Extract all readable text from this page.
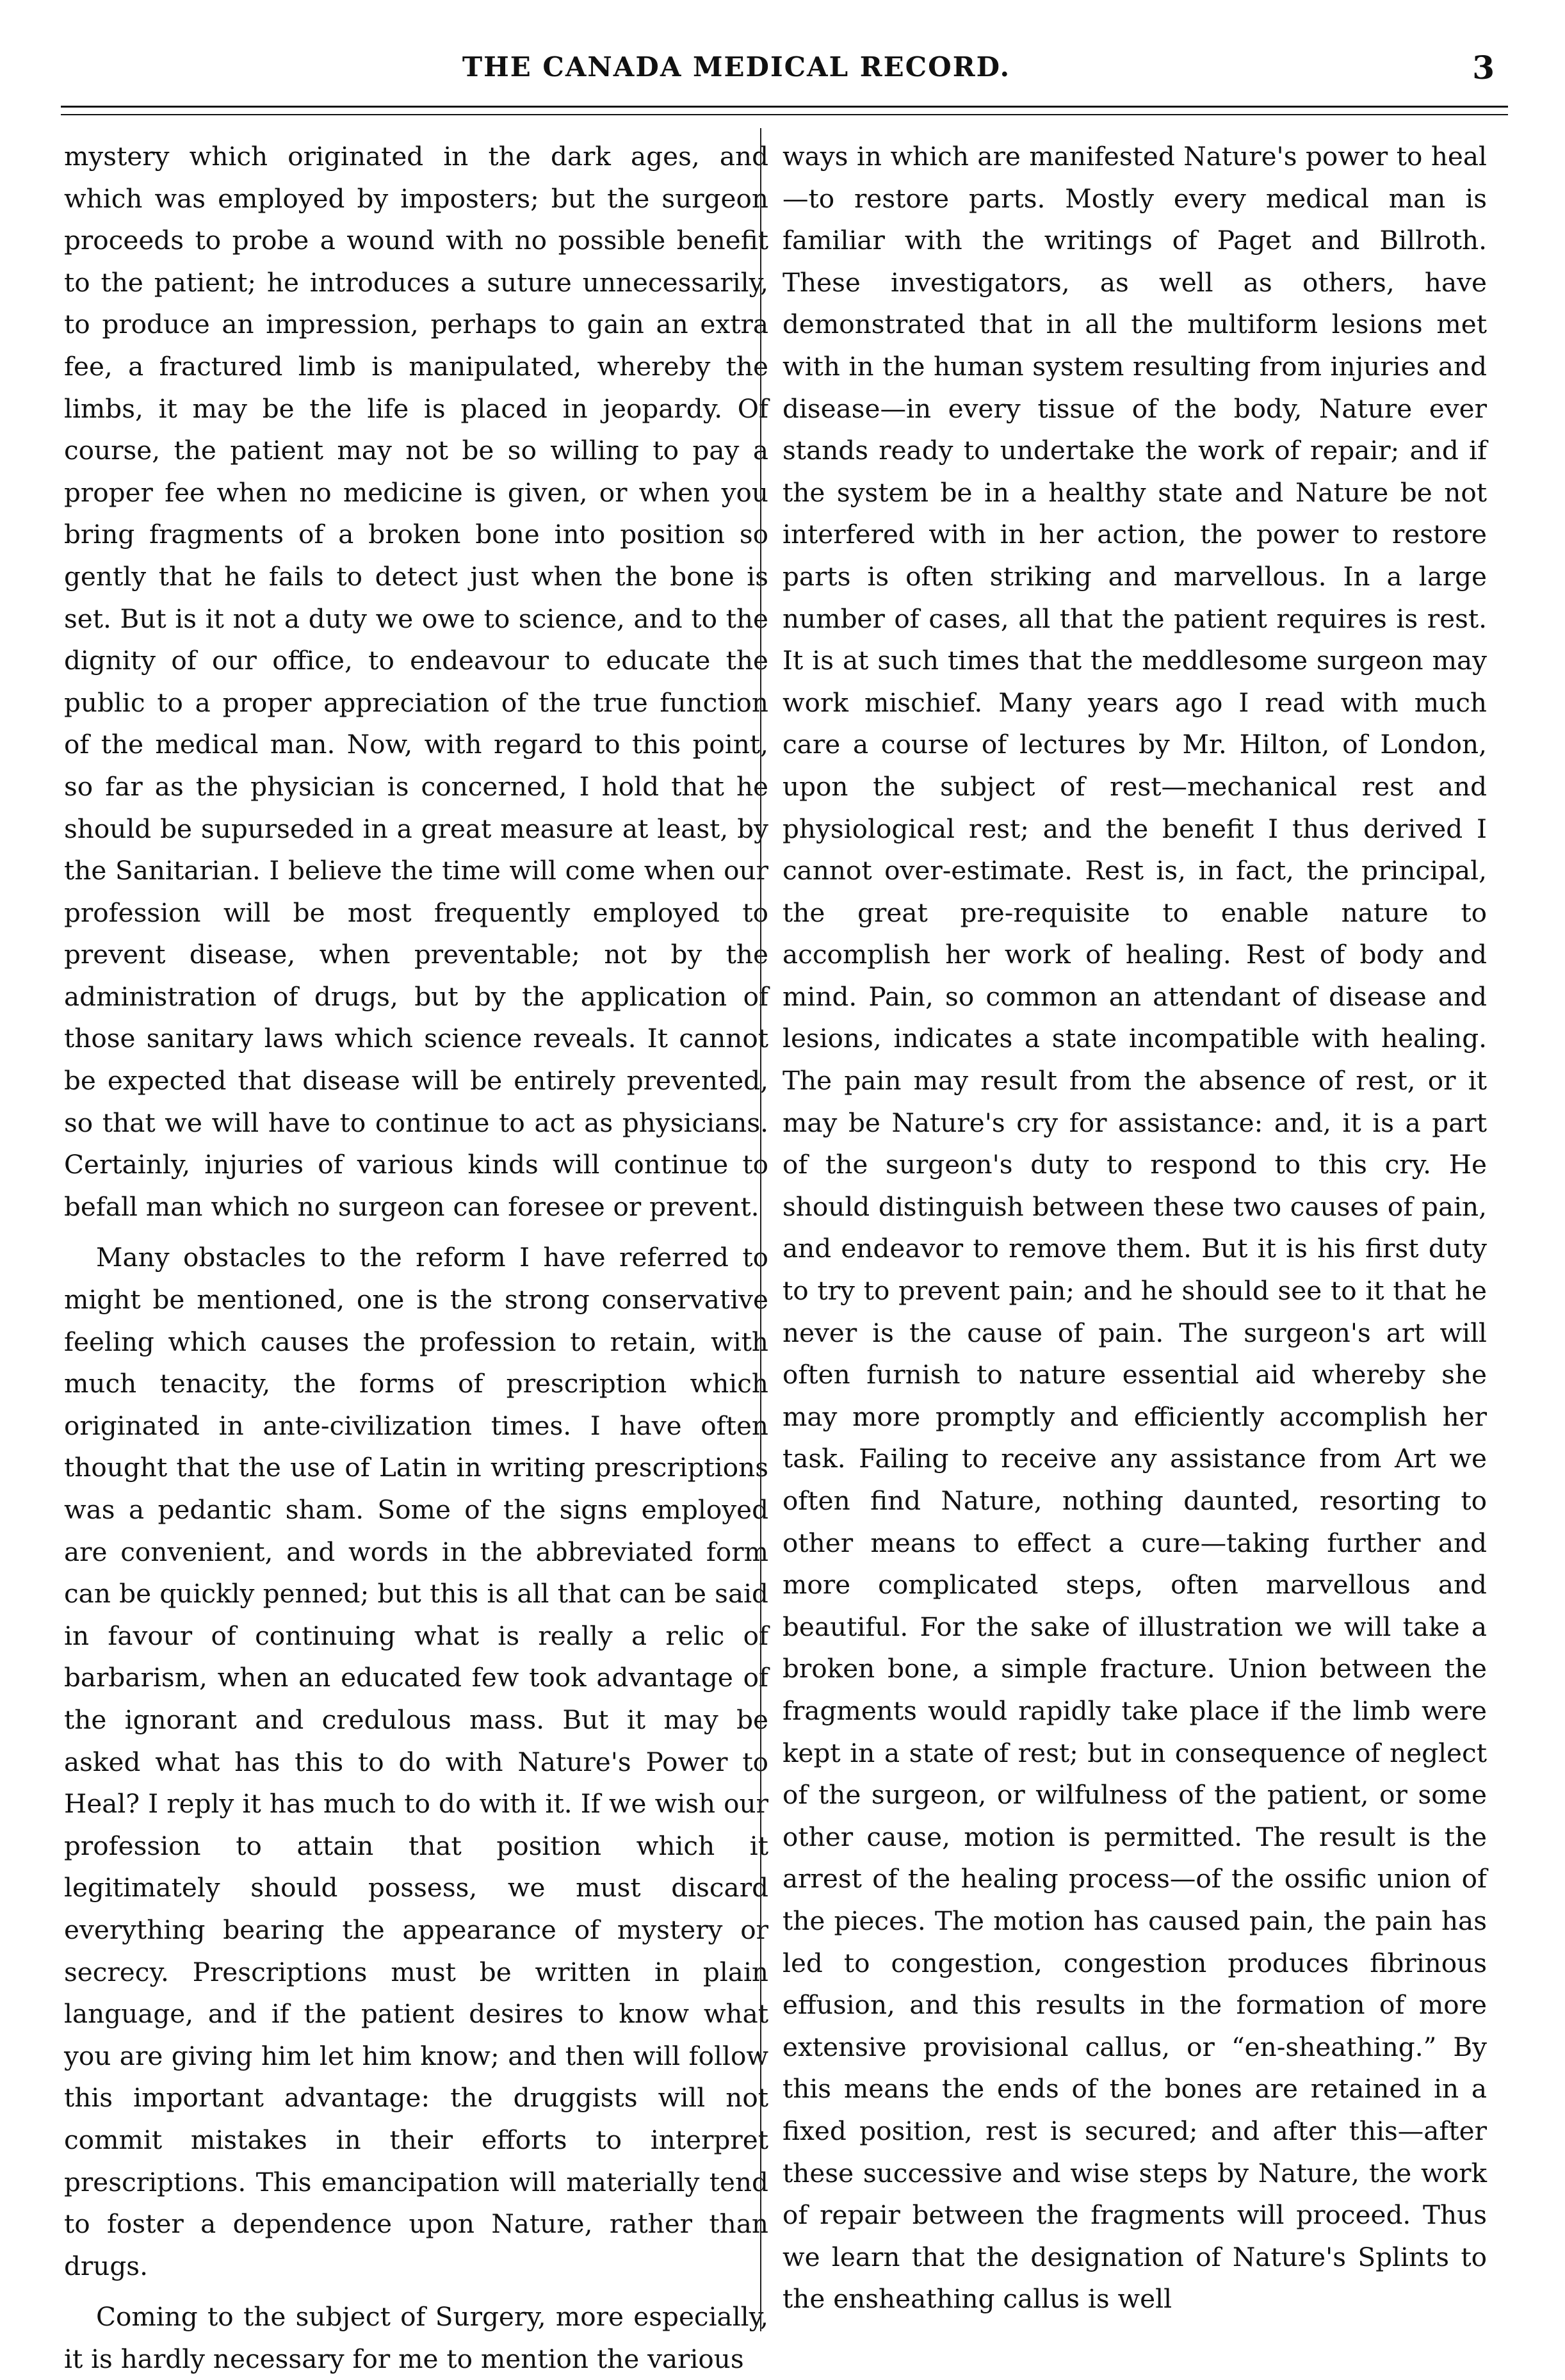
THE CANADA MEDICAL RECORD.	3

mystery which originated in the dark ages, and which was employed by imposters; but the surgeon proceeds to probe a wound with no possible benefit to the patient; he introduces a suture unnecessarily, to produce an impression, perhaps to gain an extra fee, a fractured limb is manipulated, whereby the limbs, it may be the life is placed in jeopardy. Of course, the patient may not be so willing to pay a proper fee when no medicine is given, or when you bring fragments of a broken bone into position so gently that he fails to detect just when the bone is set. But is it not a duty we owe to science, and to the dignity of our office, to endeavour to educate the public to a proper appreciation of the true function of the medical man. Now, with regard to this point, so far as the physician is concerned, I hold that he should be supurseded in a great measure at least, by the Sanitarian. I believe the time will come when our profession will be most frequently employed to prevent disease, when preventable; not by the administration of drugs, but by the application of those sanitary laws which science reveals. It cannot be expected that disease will be entirely prevented, so that we will have to continue to act as physicians. Certainly, injuries of various kinds will continue to befall man which no surgeon can foresee or prevent.

Many obstacles to the reform I have referred to might be mentioned, one is the strong conservative feeling which causes the profession to retain, with much tenacity, the forms of prescription which originated in ante-civilization times. I have often thought that the use of Latin in writing prescriptions was a pedantic sham. Some of the signs employed are convenient, and words in the abbreviated form can be quickly penned; but this is all that can be said in favour of continuing what is really a relic of barbarism, when an educated few took advantage of the ignorant and credulous mass. But it may be asked what has this to do with Nature's Power to Heal? I reply it has much to do with it. If we wish our profession to attain that position which it legitimately should possess, we must discard everything bearing the appearance of mystery or secrecy. Prescriptions must be written in plain language, and if the patient desires to know what you are giving him let him know; and then will follow this important advantage: the druggists will not commit mistakes in their efforts to interpret prescriptions. This emancipation will materially tend to foster a dependence upon Nature, rather than drugs.

Coming to the subject of Surgery, more especially, it is hardly necessary for me to mention the various

ways in which are manifested Nature's power to heal —to restore parts. Mostly every medical man is familiar with the writings of Paget and Billroth. These investigators, as well as others, have demonstrated that in all the multiform lesions met with in the human system resulting from injuries and disease—in every tissue of the body, Nature ever stands ready to undertake the work of repair; and if the system be in a healthy state and Nature be not interfered with in her action, the power to restore parts is often striking and marvellous. In a large number of cases, all that the patient requires is rest. It is at such times that the meddlesome surgeon may work mischief. Many years ago I read with much care a course of lectures by Mr. Hilton, of London, upon the subject of rest—mechanical rest and physiological rest; and the benefit I thus derived I cannot over-estimate. Rest is, in fact, the principal, the great pre-requisite to enable nature to accomplish her work of healing. Rest of body and mind. Pain, so common an attendant of disease and lesions, indicates a state incompatible with healing. The pain may result from the absence of rest, or it may be Nature's cry for assistance: and, it is a part of the surgeon's duty to respond to this cry. He should distinguish between these two causes of pain, and endeavor to remove them. But it is his first duty to try to prevent pain; and he should see to it that he never is the cause of pain. The surgeon's art will often furnish to nature essential aid whereby she may more promptly and efficiently accomplish her task. Failing to receive any assistance from Art we often find Nature, nothing daunted, resorting to other means to effect a cure—taking further and more complicated steps, often marvellous and beautiful. For the sake of illustration we will take a broken bone, a simple fracture. Union between the fragments would rapidly take place if the limb were kept in a state of rest; but in consequence of neglect of the surgeon, or wilfulness of the patient, or some other cause, motion is permitted. The result is the arrest of the healing process—of the ossific union of the pieces. The motion has caused pain, the pain has led to congestion, congestion produces fibrinous effusion, and this results in the formation of more extensive provisional callus, or “en-sheathing.” By this means the ends of the bones are retained in a fixed position, rest is secured; and after this—after these successive and wise steps by Nature, the work of repair between the fragments will proceed. Thus we learn that the designation of Nature's Splints to the ensheathing callus is well
